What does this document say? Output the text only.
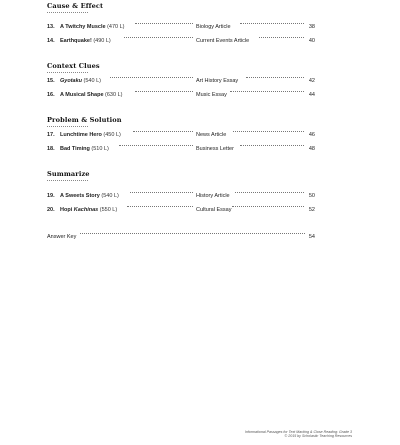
Cause & Effect
13. A Twitchy Muscle (470 L)	Biology Article	38
14. Earthquake! (490 L)	Current Events Article	40
Context Clues
15. Gyotaku (540 L)	Art History Essay	42
16. A Musical Shape (630 L)	Music Essay	44
Problem & Solution
17. Lunchtime Hero (450 L)	News Article	46
18. Bad Timing (510 L)	Business Letter	48
Summarize
19. A Sweets Story (540 L)	History Article	50
20. Hopi Kachinas (550 L)	Cultural Essay	52
Answer Key	54
Informational Passages for Text Marking & Close Reading: Grade 3
© 2015 by Scholastic Teaching Resources
